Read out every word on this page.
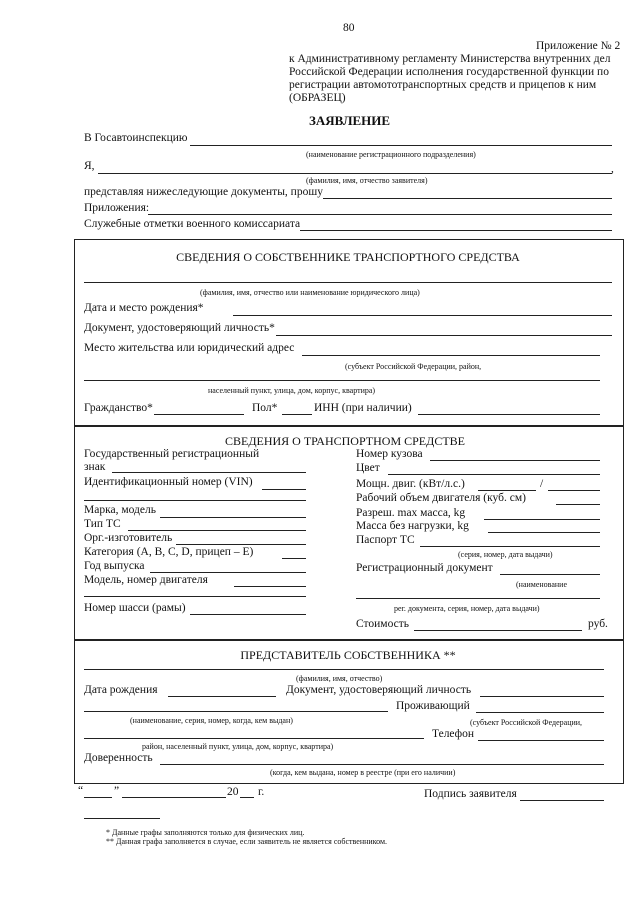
80
Приложение № 2
к Административному регламенту Министерства внутренних дел
Российской Федерации исполнения государственной функции по
регистрации автомототранспортных средств и прицепов к ним
(ОБРАЗЕЦ)
ЗАЯВЛЕНИЕ
В Госавтоинспекцию
(наименование регистрационного подразделения)
Я,	,
(фамилия, имя, отчество заявителя)
представляя нижеследующие документы, прошу
Приложения:
Служебные отметки военного комиссариата
СВЕДЕНИЯ О СОБСТВЕННИКЕ ТРАНСПОРТНОГО СРЕДСТВА
(фамилия, имя, отчество или наименование юридического лица)
Дата и место рождения*
Документ, удостоверяющий личность*
Место жительства или юридический адрес
(субъект Российской Федерации, район,
населенный пункт, улица, дом, корпус, квартира)
Гражданство*	Пол*	ИНН (при наличии)
СВЕДЕНИЯ О ТРАНСПОРТНОМ СРЕДСТВЕ
Государственный регистрационный
знак
Идентификационный номер (VIN)
Марка, модель
Тип ТС
Орг.-изготовитель
Категория (А, В, С, D, прицеп – Е)
Год выпуска
Модель, номер двигателя
Номер шасси (рамы)
Номер кузова
Цвет
Мощн. двиг. (кВт/л.с.)	/
Рабочий объем двигателя (куб. см)
Разреш. max масса, kg
Масса без нагрузки, kg
Паспорт ТС
(серия, номер, дата выдачи)
Регистрационный документ
(наименование
рег. документа, серия, номер, дата выдачи)
Стоимость	руб.
ПРЕДСТАВИТЕЛЬ СОБСТВЕННИКА **
(фамилия, имя, отчество)
Дата рождения	Документ, удостоверяющий личность
Проживающий
(наименование, серия, номер, когда, кем выдан)	(субъект Российской Федерации,
Телефон
район, населенный пункт, улица, дом, корпус, квартира)
Доверенность
(когда, кем выдана, номер в реестре (при его наличии)
“	”	20 г.	Подпись заявителя
* Данные графы заполняются только для физических лиц.
** Данная графа заполняется в случае, если заявитель не является собственником.
